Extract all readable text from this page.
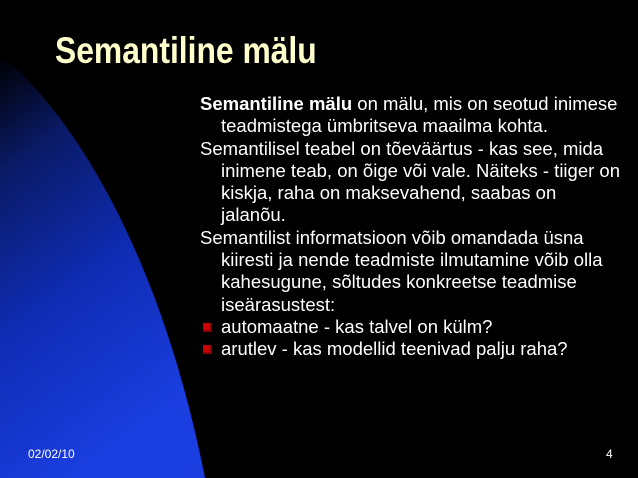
Semantiline mälu

Semantiline mälu on mälu, mis on seotud inimese teadmistega ümbritseva maailma kohta.

Semantilisel teabel on tõeväärtus - kas see, mida inimene teab, on õige või vale. Näiteks - tiiger on kiskja, raha on maksevahend, saabas on jalanõu.

Semantilist informatsioon võib omandada üsna kiiresti ja nende teadmiste ilmutamine võib olla kahesugune, sõltudes konkreetse teadmise iseärasustest:

automaatne - kas talvel on külm?
arutlev - kas modellid teenivad palju raha?
02/02/10	4
